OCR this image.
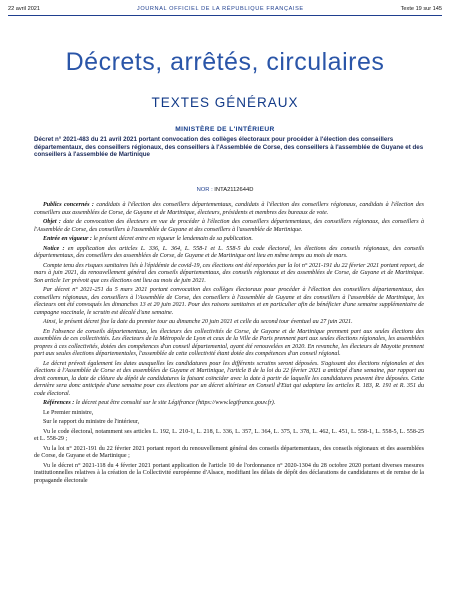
22 avril 2021	JOURNAL OFFICIEL DE LA RÉPUBLIQUE FRANÇAISE	Texte 19 sur 145
Décrets, arrêtés, circulaires
TEXTES GÉNÉRAUX
MINISTÈRE DE L'INTÉRIEUR
Décret n° 2021-483 du 21 avril 2021 portant convocation des collèges électoraux pour procéder à l'élection des conseillers départementaux, des conseillers régionaux, des conseillers à l'Assemblée de Corse, des conseillers à l'assemblée de Guyane et des conseillers à l'assemblée de Martinique
NOR : INTA2112644D

Publics concernés : candidats à l'élection des conseillers départementaux, candidats à l'élection des conseillers régionaux, candidats à l'élection des conseillers aux assemblées de Corse, de Guyane et de Martinique, électeurs, présidents et membres des bureaux de vote.

Objet : date de convocation des électeurs en vue de procéder à l'élection des conseillers départementaux, des conseillers régionaux, des conseillers à l'Assemblée de Corse, des conseillers à l'assemblée de Guyane et des conseillers à l'assemblée de Martinique.

Entrée en vigueur : le présent décret entre en vigueur le lendemain de sa publication.

Notice : en application des articles L. 336, L. 364, L. 558-1 et L. 558-5 du code électoral, les élections des conseils régionaux, des conseils départementaux, des conseillers des assemblées de Corse, de Guyane et de Martinique ont lieu en même temps au mois de mars.

Compte tenu des risques sanitaires liés à l'épidémie de covid-19, ces élections ont été reportées par la loi n° 2021-191 du 22 février 2021 portant report, de mars à juin 2021, du renouvellement général des conseils départementaux, des conseils régionaux et des assemblées de Corse, de Guyane et de Martinique. Son article 1er prévoit que ces élections ont lieu au mois de juin 2021.

Par décret n° 2021-251 du 5 mars 2021 portant convocation des collèges électoraux pour procéder à l'élection des conseillers départementaux, des conseillers régionaux, des conseillers à l'Assemblée de Corse, des conseillers à l'assemblée de Guyane et des conseillers à l'assemblée de Martinique, les électeurs ont été convoqués les dimanches 13 et 20 juin 2021. Pour des raisons sanitaires et en particulier afin de bénéficier d'une semaine supplémentaire de campagne vaccinale, le scrutin est décalé d'une semaine.

Ainsi, le présent décret fixe la date du premier tour au dimanche 20 juin 2021 et celle du second tour éventuel au 27 juin 2021.

En l'absence de conseils départementaux, les électeurs des collectivités de Corse, de Guyane et de Martinique prennent part aux seules élections des assemblées de ces collectivités. Les électeurs de la Métropole de Lyon et ceux de la Ville de Paris prennent part aux seules élections régionales, les assemblées propres à ces collectivités, dotées des compétences d'un conseil départemental, ayant été renouvelées en 2020. En revanche, les électeurs de Mayotte prennent part aux seules élections départementales, l'assemblée de cette collectivité étant dotée des compétences d'un conseil régional.

Le décret prévoit également les dates auxquelles les candidatures pour les différents scrutins seront déposées. S'agissant des élections régionales et des élections à l'Assemblée de Corse et des assemblées de Guyane et Martinique, l'article 8 de la loi du 22 février 2021 a anticipé d'une semaine, par rapport au droit commun, la date de clôture du dépôt de candidatures la faisant coïncider avec la date à partir de laquelle les candidatures peuvent être déposées. Cette dernière sera donc anticipée d'une semaine pour ces élections par un décret ultérieur en Conseil d'Etat qui adaptera les articles R. 183, R. 191 et R. 351 du code électoral.

Références : le décret peut être consulté sur le site Légifrance (https://www.legifrance.gouv.fr).

Le Premier ministre,

Sur le rapport du ministre de l'intérieur,

Vu le code électoral, notamment ses articles L. 192, L. 210-1, L. 218, L. 336, L. 357, L. 364, L. 375, L. 378, L. 462, L. 451, L. 558-1, L. 558-5, L. 558-25 et L. 558-29 ;

Vu la loi n° 2021-191 du 22 février 2021 portant report du renouvellement général des conseils départementaux, des conseils régionaux et des assemblées de Corse, de Guyane et de Martinique ;

Vu le décret n° 2021-118 du 4 février 2021 portant application de l'article 10 de l'ordonnance n° 2020-1304 du 28 octobre 2020 portant diverses mesures institutionnelles relatives à la création de la Collectivité européenne d'Alsace, modifiant les délais de dépôt des déclarations de candidatures et de remise de la propagande électorale
